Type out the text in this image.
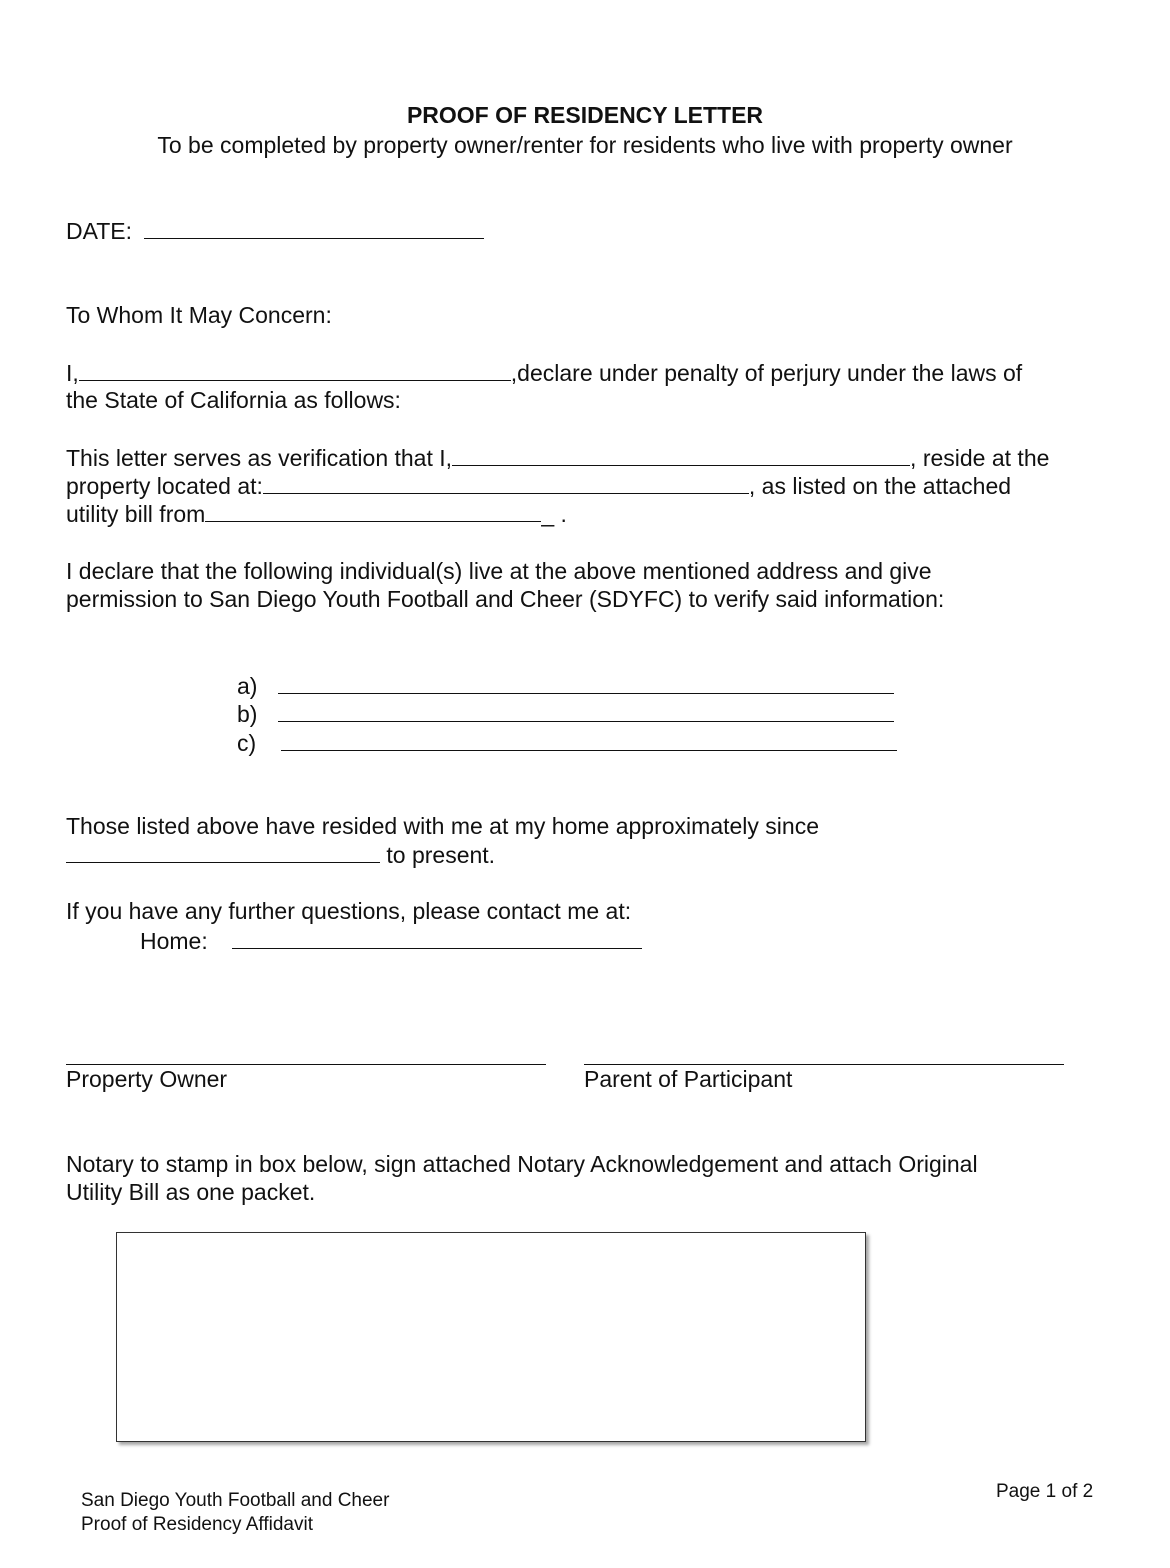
PROOF OF RESIDENCY LETTER
To be completed by property owner/renter for residents who live with property owner
DATE:
To Whom It May Concern:
I,	,declare under penalty of perjury under the laws of
the State of California as follows:
This letter serves as verification that I,	, reside at the
property located at:	, as listed on the attached
utility bill from	_ .
I declare that the following individual(s) live at the above mentioned address and give
permission to San Diego Youth Football and Cheer (SDYFC) to verify said information:
a)
b)
c)
Those listed above have resided with me at my home approximately since
to present.
If you have any further questions, please contact me at:
Home:
Property Owner	Parent of Participant
Notary to stamp in box below, sign attached Notary Acknowledgement and attach Original
Utility Bill as one packet.
San Diego Youth Football and Cheer
Proof of Residency Affidavit
Page 1 of 2
